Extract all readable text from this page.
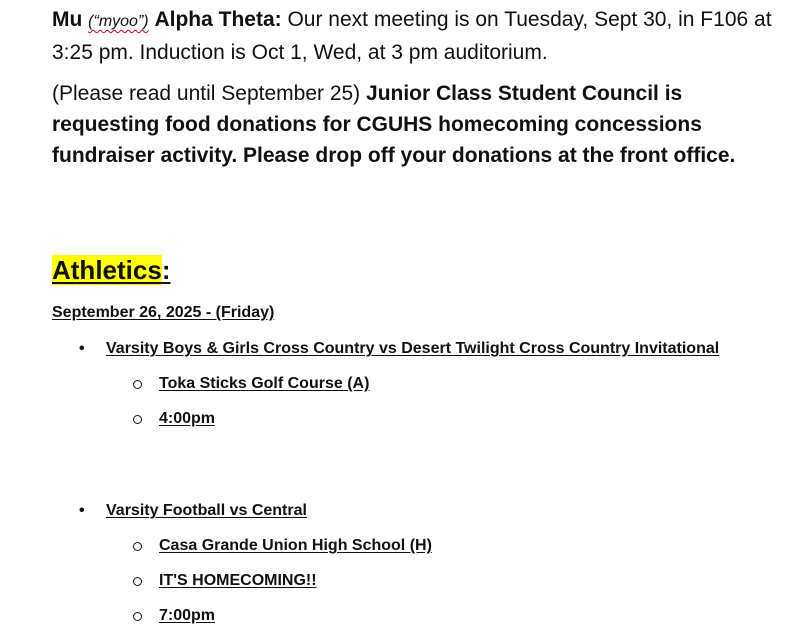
Mu (“myoo”) Alpha Theta: Our next meeting is on Tuesday, Sept 30, in F106 at 3:25 pm. Induction is Oct 1, Wed, at 3 pm auditorium.

(Please read until September 25) Junior Class Student Council is requesting food donations for CGUHS homecoming concessions fundraiser activity. Please drop off your donations at the front office.

Athletics:
September 26, 2025 - (Friday)
• Varsity Boys & Girls Cross Country vs Desert Twilight Cross Country Invitational
Toka Sticks Golf Course (A)
4:00pm
• Varsity Football vs Central
Casa Grande Union High School (H)
IT'S HOMECOMING!!
7:00pm
